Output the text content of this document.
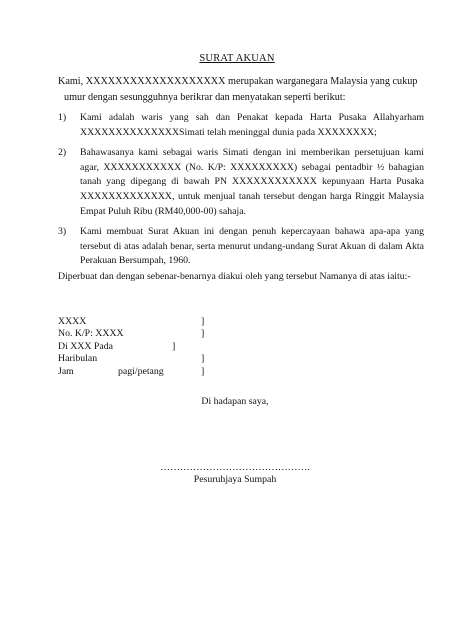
SURAT AKUAN
Kami, XXXXXXXXXXXXXXXXXXX merupakan warganegara Malaysia yang cukup
umur dengan sesungguhnya berikrar dan menyatakan seperti berikut:
1) Kami adalah waris yang sah dan Penakat kepada Harta Pusaka Allahyarham XXXXXXXXXXXXXXSimati telah meninggal dunia pada XXXXXXXX;
2) Bahawasanya kami sebagai waris Simati dengan ini memberikan persetujuan kami agar, XXXXXXXXXXX (No. K/P: XXXXXXXXX) sebagai pentadbir ½ bahagian tanah yang dipegang di bawah PN XXXXXXXXXXXX kepunyaan Harta Pusaka XXXXXXXXXXXXX, untuk menjual tanah tersebut dengan harga Ringgit Malaysia Empat Puluh Ribu (RM40,000-00) sahaja.
3) Kami membuat Surat Akuan ini dengan penuh kepercayaan bahawa apa-apa yang tersebut di atas adalah benar, serta menurut undang-undang Surat Akuan di dalam Akta Perakuan Bersumpah, 1960.
Diperbuat dan dengan sebenar-benarnya diakui oleh yang tersebut Namanya di atas iaitu:-
XXXX	]
No. K/P: XXXX	]
Di XXX Pada	]
Haribulan	]
Jam	pagi/petang	]
Di hadapan saya,
……………………………………….
Pesuruhjaya Sumpah
